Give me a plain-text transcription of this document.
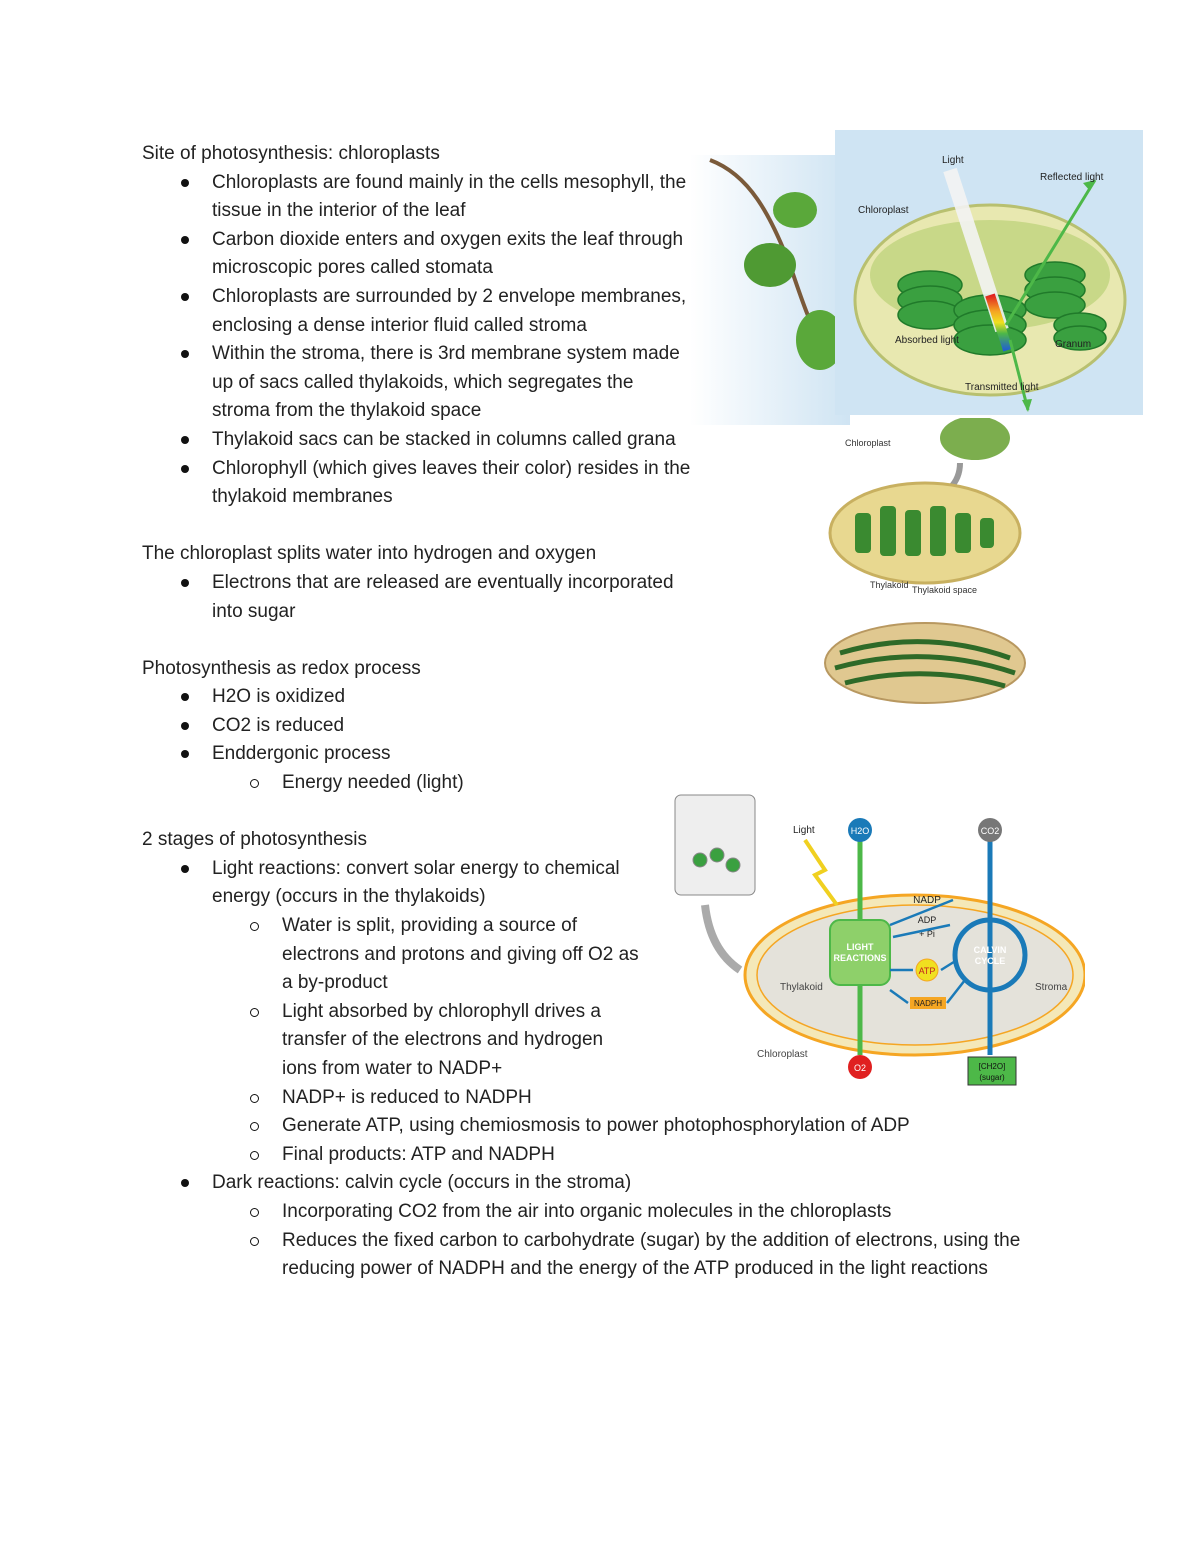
Site of photosynthesis: chloroplasts

Chloroplasts are found mainly in the cells mesophyll, the tissue in the interior of the leaf
Carbon dioxide enters and oxygen exits the leaf through microscopic pores called stomata
Chloroplasts are surrounded by 2 envelope membranes, enclosing a dense interior fluid called stroma
Within the stroma, there is 3rd membrane system made up of sacs called thylakoids, which segregates the stroma from the thylakoid space
Thylakoid sacs can be stacked in columns called grana
Chlorophyll (which gives leaves their color) resides in the thylakoid membranes

The chloroplast splits water into hydrogen and oxygen

Electrons that are released are eventually incorporated into sugar

Photosynthesis as redox process

H2O is oxidized
CO2 is reduced
Enddergonic process
Energy needed (light)

2 stages of photosynthesis

Light reactions: convert solar energy to chemical energy (occurs in the thylakoids)
Water is split, providing a source of electrons and protons and giving off O2 as a by-product
Light absorbed by chlorophyll drives a transfer of the electrons and hydrogen ions from water to NADP+
NADP+ is reduced to NADPH
Generate ATP, using chemiosmosis to power photophosphorylation of ADP
Final products: ATP and NADPH
Dark reactions: calvin cycle (occurs in the stroma)
Incorporating CO2 from the air into organic molecules in the chloroplasts
Reduces the fixed carbon to carbohydrate (sugar) by the addition of electrons, using the reducing power of NADPH and the energy of the ATP produced in the light reactions
Light
Reflected light
Chloroplast
Absorbed light	Granum
Transmitted light
Chloroplast
Thylakoid Thylakoid space
H2O
O2
CO2
[CH2O]
(sugar)
LIGHT
REACTIONS
CALVIN
CYCLE
Light
NADP
ADP
+ Pi
ATP
NADPH
Thylakoid	Stroma
Chloroplast
